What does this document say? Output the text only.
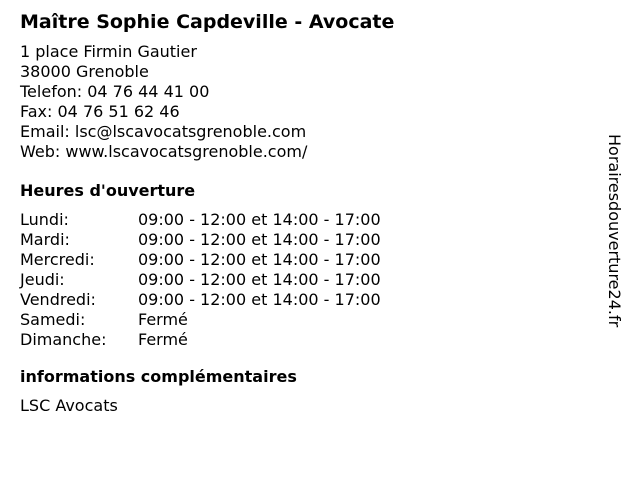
Maître Sophie Capdeville - Avocate
1 place Firmin Gautier
38000 Grenoble
Telefon: 04 76 44 41 00
Fax: 04 76 51 62 46
Email: lsc@lscavocatsgrenoble.com
Web: www.lscavocatsgrenoble.com/
Heures d'ouverture
Lundi:	09:00 - 12:00 et 14:00 - 17:00
Mardi:	09:00 - 12:00 et 14:00 - 17:00
Mercredi:	09:00 - 12:00 et 14:00 - 17:00
Jeudi:	09:00 - 12:00 et 14:00 - 17:00
Vendredi:	09:00 - 12:00 et 14:00 - 17:00
Samedi:	Fermé
Dimanche:	Fermé
informations complémentaires
LSC Avocats
Horairesdouverture24.fr
